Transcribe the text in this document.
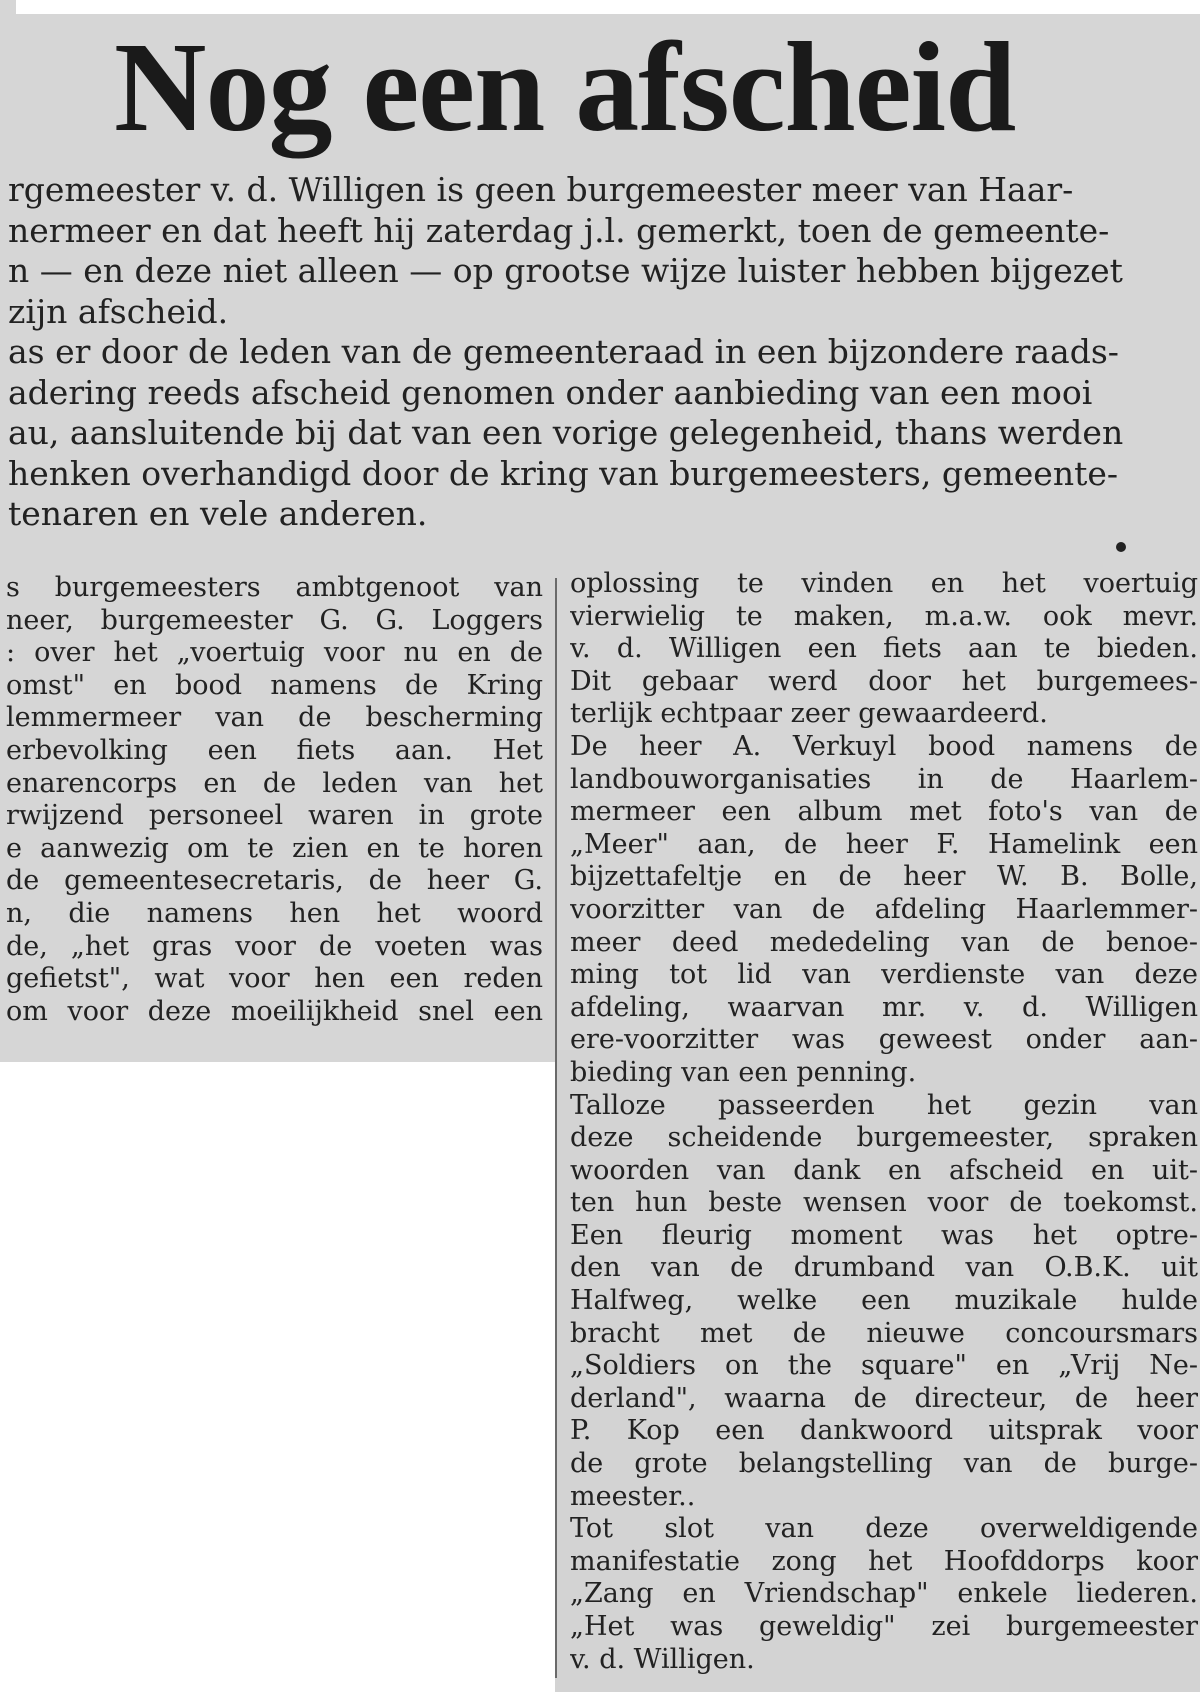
Nog een afscheid
rgemeester v. d. Willigen is geen burgemeester meer van Haar-
nermeer en dat heeft hij zaterdag j.l. gemerkt, toen de gemeente-
n — en deze niet alleen — op grootse wijze luister hebben bijgezet
zijn afscheid.
as er door de leden van de gemeenteraad in een bijzondere raads-
adering reeds afscheid genomen onder aanbieding van een mooi
au, aansluitende bij dat van een vorige gelegenheid, thans werden
henken overhandigd door de kring van burgemeesters, gemeente-
tenaren en vele anderen.
s burgemeesters ambtgenoot van
neer, burgemeester G. G. Loggers
: over het „voertuig voor nu en de
omst" en bood namens de Kring
lemmermeer van de bescherming
erbevolking een fiets aan. Het
enarencorps en de leden van het
rwijzend personeel waren in grote
e aanwezig om te zien en te horen
de gemeentesecretaris, de heer G.
n, die namens hen het woord
de, „het gras voor de voeten was
gefietst", wat voor hen een reden
om voor deze moeilijkheid snel een
oplossing te vinden en het voertuig
vierwielig te maken, m.a.w. ook mevr.
v. d. Willigen een fiets aan te bieden.
Dit gebaar werd door het burgemees-
terlijk echtpaar zeer gewaardeerd.
De heer A. Verkuyl bood namens de
landbouworganisaties in de Haarlem-
mermeer een album met foto's van de
„Meer" aan, de heer F. Hamelink een
bijzettafeltje en de heer W. B. Bolle,
voorzitter van de afdeling Haarlemmer-
meer deed mededeling van de benoe-
ming tot lid van verdienste van deze
afdeling, waarvan mr. v. d. Willigen
ere-voorzitter was geweest onder aan-
bieding van een penning.
Talloze passeerden het gezin van
deze scheidende burgemeester, spraken
woorden van dank en afscheid en uit-
ten hun beste wensen voor de toekomst.
Een fleurig moment was het optre-
den van de drumband van O.B.K. uit
Halfweg, welke een muzikale hulde
bracht met de nieuwe concoursmars
„Soldiers on the square" en „Vrij Ne-
derland", waarna de directeur, de heer
P. Kop een dankwoord uitsprak voor
de grote belangstelling van de burge-
meester..
Tot slot van deze overweldigende
manifestatie zong het Hoofddorps koor
„Zang en Vriendschap" enkele liederen.
„Het was geweldig" zei burgemeester
v. d. Willigen.
